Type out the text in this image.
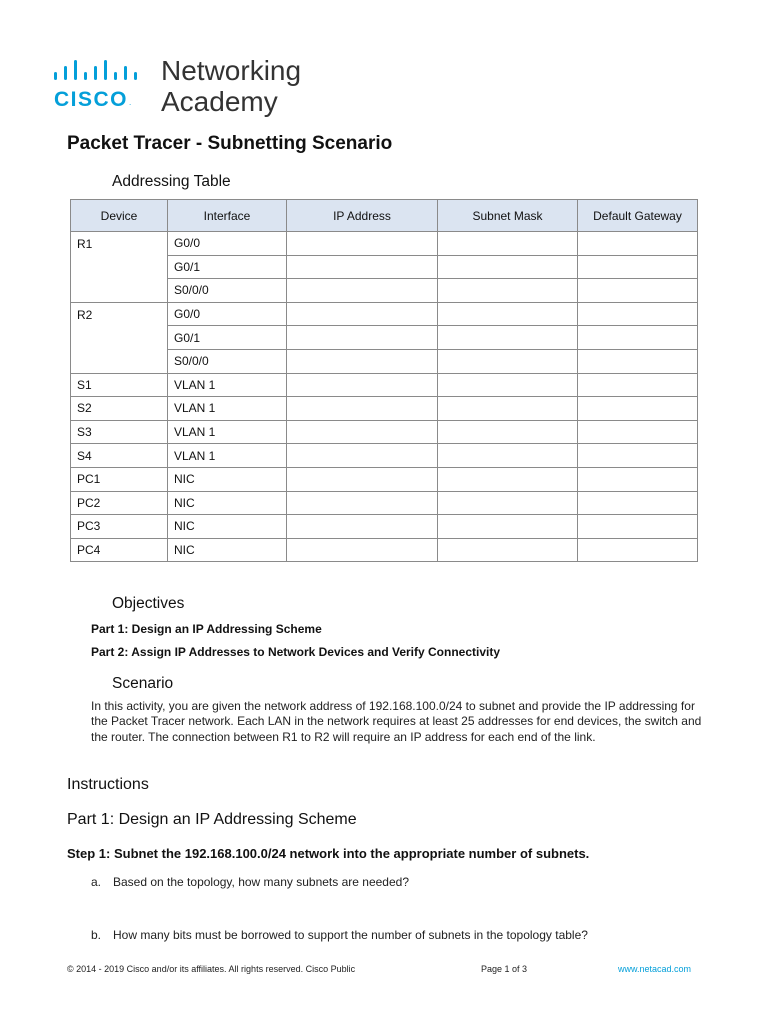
CISCO.
Networking
Academy
Packet Tracer - Subnetting Scenario
Addressing Table
Device	Interface	IP Address	Subnet Mask	Default Gateway
R1	G0/0			
	G0/1			
	S0/0/0			
R2	G0/0			
	G0/1			
	S0/0/0			
S1	VLAN 1			
S2	VLAN 1			
S3	VLAN 1			
S4	VLAN 1			
PC1	NIC			
PC2	NIC			
PC3	NIC			
PC4	NIC			
Objectives
Part 1: Design an IP Addressing Scheme
Part 2: Assign IP Addresses to Network Devices and Verify Connectivity
Scenario
In this activity, you are given the network address of 192.168.100.0/24 to subnet and provide the IP addressing for the Packet Tracer network. Each LAN in the network requires at least 25 addresses for end devices, the switch and the router. The connection between R1 to R2 will require an IP address for each end of the link.
Instructions
Part 1: Design an IP Addressing Scheme
Step 1: Subnet the 192.168.100.0/24 network into the appropriate number of subnets.
a. Based on the topology, how many subnets are needed?
b. How many bits must be borrowed to support the number of subnets in the topology table?
© 2014 - 2019 Cisco and/or its affiliates. All rights reserved. Cisco Public	Page 1 of 3	www.netacad.com
